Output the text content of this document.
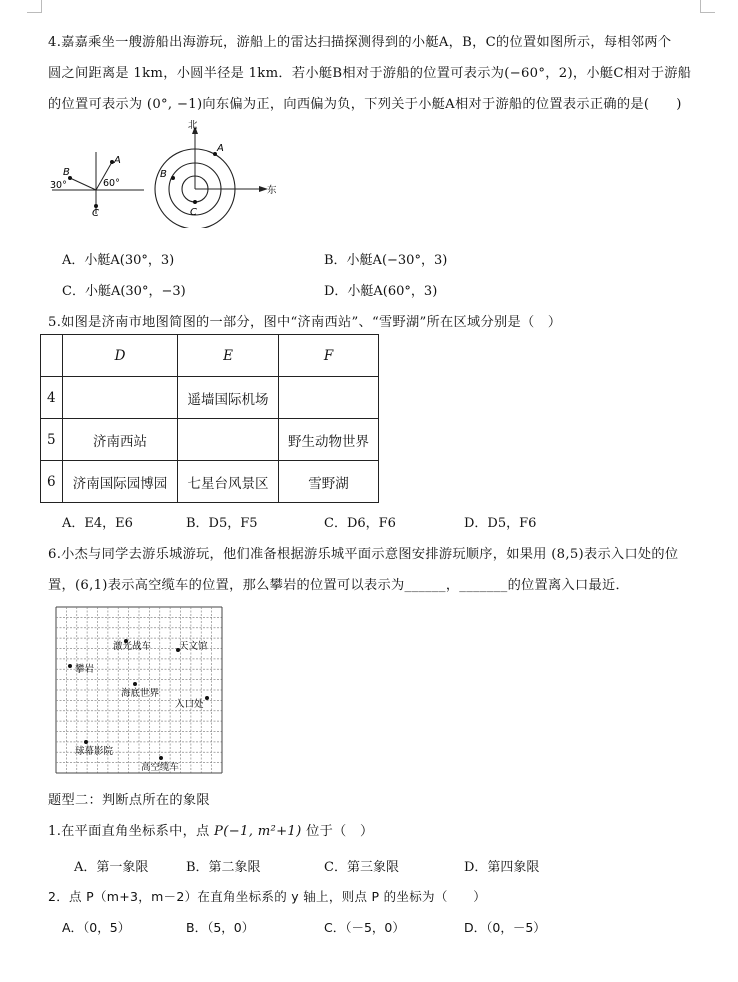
4.嘉嘉乘坐一艘游船出海游玩，游船上的雷达扫描探测得到的小艇A，B，C的位置如图所示，每相邻两个
圆之间距离是 1km，小圆半径是 1km．若小艇B相对于游船的位置可表示为(−60°，2)，小艇C相对于游船
的位置可表示为 (0°, −1)向东偏为正，向西偏为负，下列关于小艇A相对于游船的位置表示正确的是(　　)
A
B
C
30°	60°
北
东
A
B
C
A．小艇A(30°，3)	B．小艇A(−30°，3)
C．小艇A(30°，−3)	D．小艇A(60°，3)
5.如图是济南市地图简图的一部分，图中“济南西站”、“雪野湖”所在区域分别是（　）
	D	E	F
4		遥墙国际机场	
5	济南西站		野生动物世界
6	济南国际园博园	七星台风景区	雪野湖
A．E4，E6	B．D5，F5	C．D6，F6	D．D5，F6
6.小杰与同学去游乐城游玩，他们准备根据游乐城平面示意图安排游玩顺序，如果用 (8,5)表示入口处的位
置，(6,1)表示高空缆车的位置，那么攀岩的位置可以表示为______，_______的位置离入口最近．
激光战车	天文馆
攀岩
海底世界
入口处
球幕影院
高空缆车
题型二：判断点所在的象限
1.在平面直角坐标系中，点 P(−1, m²+1) 位于（　）
A．第一象限	B．第二象限	C．第三象限	D．第四象限
2．点 P（m+3，m－2）在直角坐标系的 y 轴上，则点 P 的坐标为（　　）
A．（0，5）	B．（5，0）	C．（－5，0）	D．（0，－5）
